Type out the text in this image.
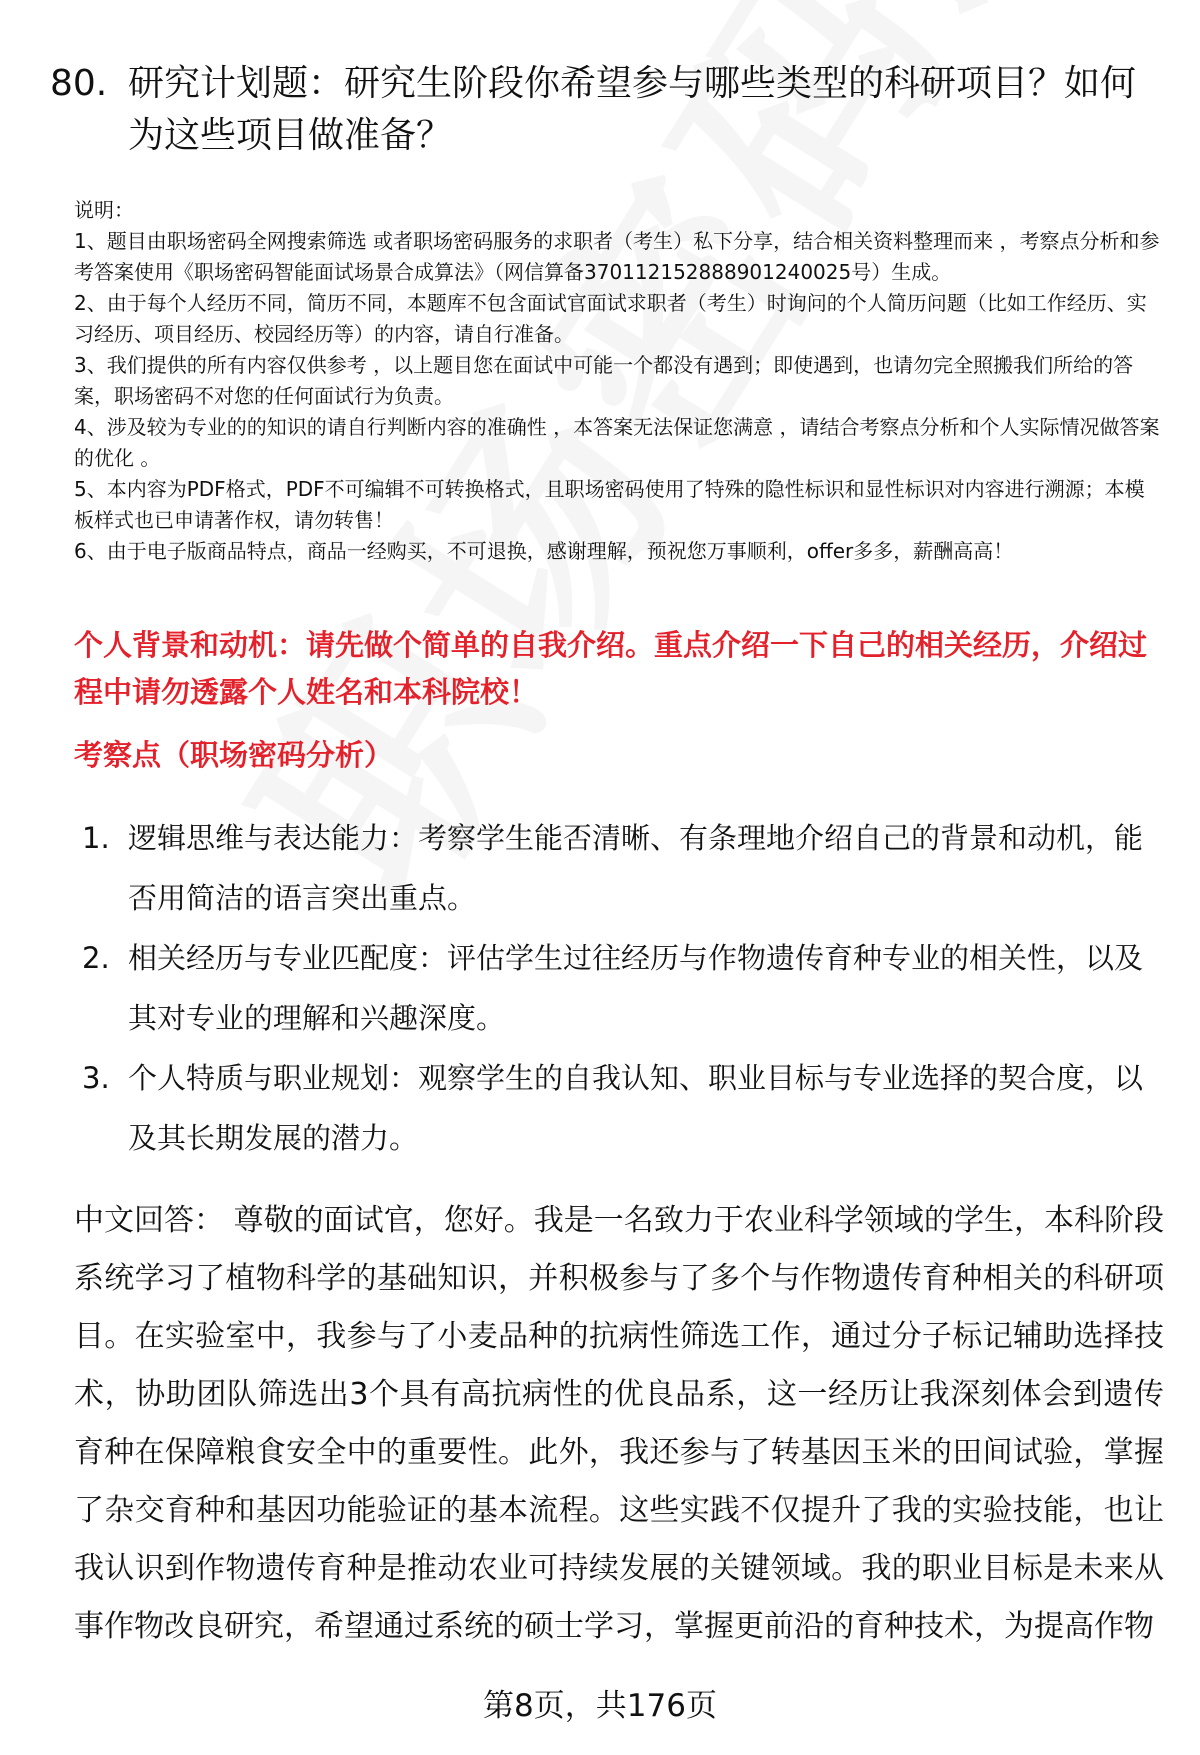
80. 研究计划题：研究生阶段你希望参与哪些类型的科研项目？如何为这些项目做准备？

说明：

1、题目由职场密码全网搜索筛选 或者职场密码服务的求职者（考生）私下分享，结合相关资料整理而来 ，考察点分析和参考答案使用《职场密码智能面试场景合成算法》（网信算备370112152888901240025号）生成。

2、由于每个人经历不同，简历不同，本题库不包含面试官面试求职者（考生）时询问的个人简历问题（比如工作经历、实习经历、项目经历、校园经历等）的内容，请自行准备。

3、我们提供的所有内容仅供参考 ，以上题目您在面试中可能一个都没有遇到；即使遇到，也请勿完全照搬我们所给的答案，职场密码不对您的任何面试行为负责。

4、涉及较为专业的的知识的请自行判断内容的准确性 ，本答案无法保证您满意 ，请结合考察点分析和个人实际情况做答案的优化 。

5、本内容为PDF格式，PDF不可编辑不可转换格式，且职场密码使用了特殊的隐性标识和显性标识对内容进行溯源；本模板样式也已申请著作权，请勿转售！

6、由于电子版商品特点，商品一经购买，不可退换，感谢理解，预祝您万事顺利，offer多多，薪酬高高！

个人背景和动机：请先做个简单的自我介绍。重点介绍一下自己的相关经历，介绍过程中请勿透露个人姓名和本科院校！
考察点（职场密码分析）
1. 逻辑思维与表达能力：考察学生能否清晰、有条理地介绍自己的背景和动机，能否用简洁的语言突出重点。
2. 相关经历与专业匹配度：评估学生过往经历与作物遗传育种专业的相关性，以及其对专业的理解和兴趣深度。
3. 个人特质与职业规划：观察学生的自我认知、职业目标与专业选择的契合度，以及其长期发展的潜力。
中文回答： 尊敬的面试官，您好。我是一名致力于农业科学领域的学生，本科阶段系统学习了植物科学的基础知识，并积极参与了多个与作物遗传育种相关的科研项目。在实验室中，我参与了小麦品种的抗病性筛选工作，通过分子标记辅助选择技术，协助团队筛选出3个具有高抗病性的优良品系，这一经历让我深刻体会到遗传育种在保障粮食安全中的重要性。此外，我还参与了转基因玉米的田间试验，掌握了杂交育种和基因功能验证的基本流程。这些实践不仅提升了我的实验技能，也让我认识到作物遗传育种是推动农业可持续发展的关键领域。我的职业目标是未来从事作物改良研究，希望通过系统的硕士学习，掌握更前沿的育种技术，为提高作物
第8页，共176页
